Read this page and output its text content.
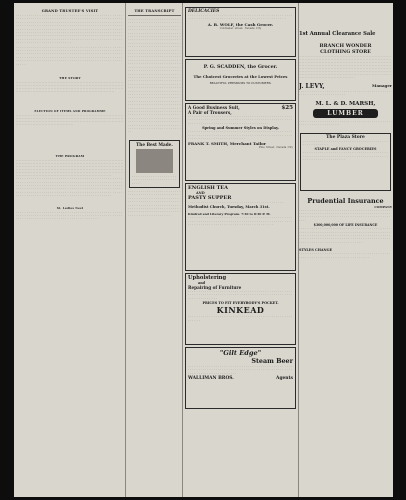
GRAND TRUSTEE'S VISIT
. . . . . . . . . . . . . . . . . . . . . . . . . . . . . . . . . . . . . . . . . . . . . . . . . . . . . . . . . . . . . . . . . . . . . . . . . . . . . . . . . . . . . . . . . . . . . . . . . . . . . . . . . . . . . . . . . . . . . . . . . . . . . . . . . . . . . . . . . . . . . . . . . . . . . . . . . . . . . . . . . . . . . . . . . . . . . . . . . . . . . . . . . . . . . . . . . . . . . . . . . . . . . . . . . . . . . . . . . . . . . . . . . . . . . . . . . . . . . . . . . . . . . . . . . . . . . . . . . . . . . . . . . . . . . . . . . . . . . . . . . . . . . . . . . . . . . . . . . . . . . . . . . . . . . . . . . . . . . . . . . . . . . . . . . . . . . . . . . . . . . . . . . . . . . . . . . . . . . . . . . . . . . . . . . . . . . . . . . . . . . . . . . . . . . . . . . . . . . . . . . . . . . . . . . . . . . . . . . . . . . . . . . .
. . . . . . . . . . . . . . . . . . . . . . . . . . . . . . . . . . . . . . . . . . . . . . . . . . . . . . . . . . . . . . . . . . . . . . . . . . . . . . . . . . . . . . . . . . . . . . . . . . . . . . . . . . . . . . . . . . . . . . . . . . . . . . . . . . . . . . . . . . . . . . . . . . . . . . . . . . . . . . . . . . . . . . . . . . . . . . . . . . . . . . . . . . . . . . . . . . . . . . . . . . . . . . . . . . . . . . . . . . . . . . . . . . . . . . . . . . . . . . . . . . . . . . . . . . . . . . .
THE STORY
. . . . . . . . . . . . . . . . . . . . . . . . . . . . . . . . . . . . . . . . . . . . . . . . . . . . . . . . . . . . . . . . . . . . . . . . . . . . . . . . . . . . . . . . . . . . . . . . . . . . . . . . . . . . . . . . . . . . . . . . . . . . . . . . . . . . . . . . . . . . . . . . . . . . . . . . . . . . . . . . . . . . . . . . . . . . . . . . . . . . . . . . . . . . . . . . . . . . . . . . . . . . . . . . . . . . . . . . . . . . . . . . . . . . . . . . . . . . . . . . . . . . . . . . . . . . . . . . . . . . . . . . . . . . . . . . . . . . . .
ELECTION OF ITEMS AND PROGRAMME
. . . . . . . . . . . . . . . . . . . . . . . . . . . . . . . . . . . . . . . . . . . . . . . . . . . . . . . . . . . . . . . . . . . . . . . . . . . . . . . . . . . . . . . . . . . . . . . . . . . . . . . . . . . . . . . . . . . . . . . . . . . . . . . . . . . . . . . . . . . . . . . . . . . . . . . . . . . . . . . . . . . . . . . . . . . . . . . . . . . . . . . . . . . . . . . . . . . . . . . . . . . . . . . . . . . . . . . . . . . . . . . . . . . . . . . . . . . . . . . . . . . . . . . . . . .
THE PROGRAM
. . . . . . . . . . . . . . . . . . . . . . . . . . . . . . . . . . . . . . . . . . . . . . . . . . . . . . . . . . . . . . . . . . . . . . . . . . . . . . . . . . . . . . . . . . . . . . . . . . . . . . . . . . . . . . . . . . . . . . . . . . . . . . . . . . . . . . . . . . . . . . . . . . . . . . . . . . . . . . . . . . . . . . . . . . . . . . . . . . . . . . . . . . . . . . . . . . . . . . . . . . . . . . . . . . . . . . . . . . . . . . . . . . . . . . . . . . . . . . . . . . . . . . . . . . . . . . . . . . . . . . . . . . . . . . . . . . . . . . . . . . . . . . . . . . . . . . . . . . . . . . . . . . . . . . . . . . . . . . . . . . . . . . . . . . . . . . . . . . . . . . . . . . . . . . . . . . . . . . . . . . . . . . . . . . . . . . . . . . . . . . . . . . . . . . . . . . . . . . . . . . . . . . . . . . . . . . . . . .
. . . . . . . . . . . . . . . . . . . . . . . . . . . . . . . . . . . . . . . . . . . . . . . . . . . . . . . . . . . . . . . . . . . . . . . . . . . . . . . . . . . . . . . . . . . . . . . . . . . . . . . . . . . . . . . . . . . . . . . . . . . . . . . . . . . . . . . . . . . . . . . . . . . . . . . . . . . . . . . . . . . . . . . . . . . . . . . . . . . . . . . . . . . . . . . . . . . . . . . . . . . . . . . . . . . . . . . . . . . . . . . . . . . . . . . . . . . . . . . . . . . . . . . . . . . . . . . . . . . . . . . . . . . . . . . . . . . . . . . . . . . . . . . . . . . . . . .
St. Ladies Nest
. . . . . . . . . . . . . . . . . . . . . . . . . . . . . . . . . . . . . . . . . . . . . . . . . . . . . . . . . . . . . . . . . . . . . . . . . . . . . . . . . . . . . . . . . . . . . . . . . . . . . . . . . . . . . . . . . . . . . . . . . . . . . . . . . . . . . . . . . . .
THE TRANSCRIPT
. . . . . . . . . . . . . . . . . . . . . . . . . . . . . . . . . . . . . . . . . . . . . . . . . . . . . . . . . . . . . . . . . . . . . . . . . . . . . . . . . . . . . . . . . . . . . . . . . . . . . . . . . . . . . . . . . . . . . . . . . . . . . . . . . . . . . . . . . . . . . . . . . . . . . . . . . . . . . . . . . . . . . . . . . . . . . . . . . . . . . . . . . . . . . . . . . . . . . . . . . . . . . . . . . . . . . . . . . . . . . . . . . . . . . . . . . . . . . . . . . . . . . . . . . . . . . . . . . . . . . . . . . . . . . . . . . . . . . . . . . . . . . . . . . . . . . . . . . . . . . . . . . . . . . . . . . . . . . . . . . . . . . . . . . . . . . . . . . . . . . . . . . . . . . . . . . . . . . . . . . . . . . . . . . . . . . . . . . . . . . . . . . . . . . . . . . . . . . . . . . . . . . . . . . . . . . . . . . . . . . . . . . . . . . . . . . . . . . . . . . . . . . . . . . . . . . . . . . . . . . . . . . . . . . . . . . . . . . . . . . . . . . . . . . . . . . . . . . . . . . . . . . . . . . . . . . . . . . . . . . . . . . . . . . . . . . . . . . . . . . . . . . . . . . . . . . . . . . . . . . . . . . . . . . . . . . . . . . . . . . . . . . . . . . . . . . . . . . . . . . . . . . . . . . . . . . . . . . . . . . . . . . . . . . . . . . . . . . . . . . . . . . . . . . . . . . . . . . . . . . . . . . . . . . . . . . . . . . . . . . . . . . . . . . . . . . . . . . . . . . . . . . . . . . . . . . . . . . . . . . . . . . . . . . . . . . . . . . . . . . . . . . . . . . . . . . . . . . . . . . . . . . . . . . . . . . . . . . . . . . . . . . . . . . . . . . . . . . . . . . . . . . . . . . . . . . . . . . . . . . . . . . . .
The Best Made.
. . . . . . . . . . . . . . . . . . . . . . . . . . . . . . . . . . . . . . . . . . . . . .
. . . . . . . . . . . . . . . . . . . . . . . . . . . . . . . . . . . . . . . . . . . . . . . . . . . . . . . . . . . . . . . . . . . . . . . . . . . . . . . . . . . . . . . . . . . . . . . . . . . . . . . . . . . . . . . . . . . . . . . . . . . . . . . . . . . . . . . . . . . . . . . . . . . . . . . . . . . . . . . . . . . . . . . . . . . . . . . . . . . . . . . . . . . . . . . . . . .
DELICACIES
. . . . . . . . . . . . . . . . . . . . . . . . . . . . . . . . . . . . . . . . . . . . . . . . . . . . . . . . . . . . . . . . . . . . . . . . . . . . . . . . . . . . . . . . . . . . . . .
A. B. WOLF, the Cash Grocer.
Coldwater street, Nevada City
P. G. SCADDEN, the Grocer.
The Choicest Groceries at the Lowest Prices
BEAUTIFUL PREMIUMS TO CUSTOMERS.
A Good Business Suit,
A Pair of Trousers,
$25
. . . . . . . . . . . . . . . . . . . . . . . . . . . . . . . . . . . . . . . . . . . . . . . . . . . . . . . . . . . . . . . . . . . . . . . . . . . . . . . . . . . . . . . . . . . . . . . . . . . . . . . . . . . . . . . . . . . . . . . . . . . . . . . . . . . . . . . .
Spring and Summer Styles on Display.
. . . . . . . . . . . . . . . . . . . . . . . . . . . . . . . . . . . . . . . . . . . . . . . . . . . . . . . . . . . . . . . . . . . . . . . . . . . . . . . . . . . . . . . . . . . . . . . . . . . . . . . . . . . . . . . . . . . . . . . . . . . . .
FRANK T. SMITH, Merchant Tailor
Pine Street, Nevada City
ENGLISH TEA
AND
PASTY SUPPER
. . . . . . . . . . . . . . . . . . . . . . . . . . . . . . . . . . . . . . . . . . . . .
Methodist Church, Tuesday, March 31st.
Kindred and Literary Program. 7:30 to 8:30 P. M.
. . . . . . . . . . . . . . . . . . . . . . . . . . . . . . . . . . . . . . . . . . . . . . . . . . . . . . . . . . . . . . . . . . . . . . . . . . . . . . . . . . . . . . . . . . . . . . . . . . . . . . . . . . . . . . . . . . . . . . . . . . . . . . . . . . . . . . . . . .
Upholstering
and
Repairing of Furniture
. . . . . . . . . . . . . . . . . . . . . . . . . . . . . . . . . . . . . . . . . . . . . . . . . . . . . . . . . . . . . . . . . . . . . . . . . . . . . . . . . . . . . . . . . . . . . . . . . . . . . . . . . . . . . . . .
PRICES TO FIT EVERYBODY'S POCKET.
KINKEAD
. . . . . . . . . . . . . . . . . . . . . . . . . . . . . . . . . . . . . . . . . . . . . . . . . . . . . . .
"Gilt Edge"
Steam Beer
. . . . . . . . . . . . . . . . . . . . . . . . . . . . . . . . . . . . . . . . . . . . . . . . . . . . . . . . . . . . . . . . . . . . . . . . . . . . . . . . . . . . . . . . . . . . . . . . . . . . . . . . . . . . . . . . . . . . . . . . .
WALLIMAN BROS.	Agents
1st Annual Clearance Sale
BRANCH WONDER
CLOTHING STORE
. . . . . . . . . . . . . . . . . . . . . . . . . . . . . . . . . . . . . . . . . . . . . . . . . . . . . . . . . . . . . . . . . . . . . . . . . . . . . . . . . . . . . . . . . . . . . . . . . . . . . . . . . . . . . . . . . . . . . . . . . . . . . . . . . . . . . . . . . . . . . . . . . . . . . . . . . . . . . . . . . . . . . . . . . . . . . . . . . . . . . . . . . . . . . . . . . . . . . . . . . . . . . . . . . . . . . . . . . . . . . . . . . . . . . . . . . . . . . . . . . . . . . . . . . . . . . . . . . . . . . . . . . . . . . . . . . . . . . . . . . . . . . . . . . . . . . . . . . . . . . . . . . . . . . . . . . . . . . . . . . . . . . . . . . . . . . . . . . . . . . . . . . . . . . . . . . . . . . . . . . . . . . . . . . . . . . . . . . . . . . . . . . . . . . . . . . . . . . . . . . . . . . . . . . . . . . . . . . . . . . . . . . . . . . . . . . . . . . . . . . . . . . . . . . . . . . . . . . . . . . . . .
J. LEVY,	Manager
. . . . . . . . . . . . . . . . . . . . . . . . . . . . . . . . . . . . . . . . . . . . . . . . . . . . . . . . . . . . . . . . .
M. L. & D. MARSH,
LUMBER
. . . . . . . . . . . . . . . . . . . . . . . . . . . . . . . . . . . . . . . . . . . . . . . . . . . . . . . . . . . . . .
The Plaza Store
. . . . . . . . . . . . . . . . . . . . . . . . . . . . . . . . . . . . . . . . . . . . . . . . . . . .
STAPLE and FANCY GROCERIES
. . . . . . . . . . . . . . . . . . . . . . . . . . . . . . . . . . . . . . . . . . . . . . . . . . . . . . . . . . . . . . . . . . . . . . . . . . . . . . . . . . . . . . . . . . . . . . . . . . . .
Prudential Insurance
COMPANY
. . . . . . . . . . . . . . . . . . . . . . . . . . . . . . . . . . . . . . . . . . . . . . . . . . . . . . . . . . . . . . . . . . . . . . . . . . . . . . . . . . . . . . . . . . . . . . . . . . . . . . . . . . . . . . . . . . . . . . . . . . . . . . . . . . . . .
$300,000,000 OF LIFE INSURANCE
. . . . . . . . . . . . . . . . . . . . . . . . . . . . . . . . . . . . . . . . . . . . . . . . . . . . . . . . . . . . . . . . . . . . . . . . . . . . . . . . . . . . . . . . . . . . . . . . . . . . . . . . . . . . . . . . . . . . . . . . . . . . . . . . . . . . . . . . . . . . . . . . . . . . . . . . . . . . . . . . . . . . . . . . . . . . . . . . . . . . . . . . . . . . . . . . . . . . . . . . . .
STYLES CHANGE
. . . . . . . . . . . . . . . . . . . . . . . . . . . . . . . . . . . . . . . . . . . . . . . . . . . . . . . . . . . . . . . . . . . . . . . . . . . .
